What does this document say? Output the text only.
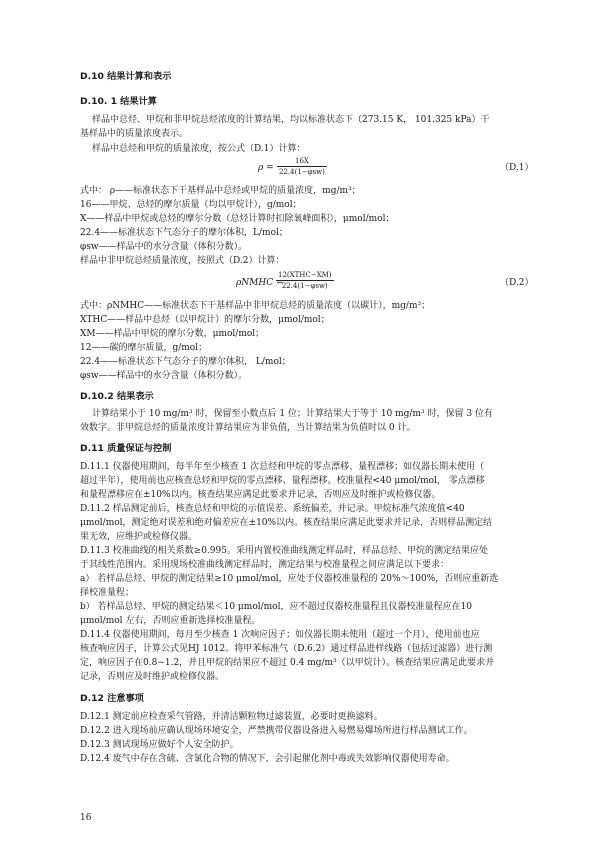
D.10 结果计算和表示
D.10. 1 结果计算
样品中总烃、甲烷和非甲烷总烃浓度的计算结果，均以标准状态下（273.15 K， 101.325 kPa）干
基样品中的质量浓度表示。
样品中总烃和甲烷的质量浓度，按公式（D.1）计算：
ρ =
16X
22.4(1−φsw)	（D.1）
式中： ρ——标准状态下干基样品中总烃或甲烷的质量浓度，mg/m³；
16——甲烷、总烃的摩尔质量（均以甲烷计），g/mol；
X——样品中甲烷或总烃的摩尔分数（总烃计算时扣除氧峰面积），μmol/mol；
22.4——标准状态下气态分子的摩尔体积，L/mol；
φsw——样品中的水分含量（体积分数）。
样品中非甲烷总烃质量浓度，按照式（D.2）计算：
ρNMHC =
12(XTHC−XM)
22.4(1−φsw)	（D.2）
式中：ρNMHC——标准状态下干基样品中非甲烷总烃的质量浓度（以碳计），mg/m³；
XTHC——样品中总烃（以甲烷计）的摩尔分数，μmol/mol；
XM——样品中甲烷的摩尔分数，μmol/mol；
12——碳的摩尔质量，g/mol；
22.4——标准状态下气态分子的摩尔体积， L/mol；
φsw——样品中的水分含量（体积分数）。
D.10.2 结果表示
计算结果小于 10 mg/m³ 时，保留至小数点后 1 位；计算结果大于等于 10 mg/m³ 时，保留 3 位有
效数字。非甲烷总烃的质量浓度计算结果应为非负值，当计算结果为负值时以 0 计。
D.11 质量保证与控制
D.11.1 仪器使用期间，每半年至少核查 1 次总烃和甲烷的零点漂移、量程漂移；如仪器长期未使用（
超过半年），使用前也应核查总烃和甲烷的零点漂移、量程漂移。校准量程<40 μmol/mol， 零点漂移
和量程漂移应在±10%以内。核查结果应满足此要求并记录，否则应及时维护或检修仪器。
D.11.2 样品测定前后，核查总烃和甲烷的示值误差、系统偏差，并记录。甲烷标准气浓度值<40
μmol/mol，测定绝对误差和绝对偏差应在±10%以内。核查结果应满足此要求并记录，否则样品测定结
果无效，应维护或检修仪器。
D.11.3 校准曲线的相关系数≥0.995。采用内置校准曲线测定样品时，样品总烃、甲烷的测定结果应处
于其线性范围内。采用现场校准曲线测定样品时，测定结果与校准量程之间应满足以下要求：
a） 若样品总烃、甲烷的测定结果≥10 μmol/mol，应处于仪器校准量程的 20%～100%，否则应重新选
择校准量程；
b） 若样品总烃、甲烷的测定结果＜10 μmol/mol，应不超过仪器校准量程且仪器校准量程应在10
μmol/mol 左右，否则应重新选择校准量程。
D.11.4 仪器使用期间，每月至少核查 1 次响应因子；如仪器长期未使用（超过一个月），使用前也应
核查响应因子，计算公式见HJ 1012。将甲苯标准气（D.6.2）通过样品进样线路（包括过滤器）进行测
定，响应因子在0.8~1.2，并且甲烷的结果应不超过 0.4 mg/m³（以甲烷计）。核查结果应满足此要求并
记录，否则应及时维护或检修仪器。
D.12 注意事项
D.12.1 测定前应检查采气管路，并清洁颗粒物过滤装置，必要时更换滤料。
D.12.2 进入现场前应确认现场环境安全，严禁携带仪器设备进入易燃易爆场所进行样品测试工作。
D.12.3 测试现场应做好个人安全防护。
D.12.4 废气中存在含硫、含氯化合物的情况下，会引起催化剂中毒或失效影响仪器使用寿命。
16
